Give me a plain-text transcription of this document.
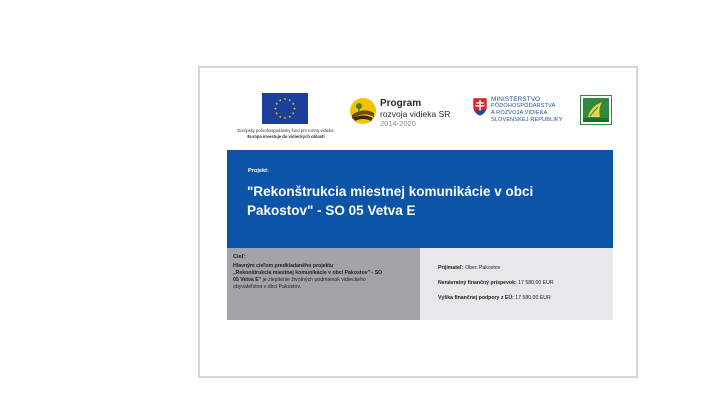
Európsky poľnohospodársky fond pre rozvoj vidieka:
Európa investuje do vidieckych oblastí
Program
rozvoja vidieka SR
2014-2020
MINISTERSTVO
PÔDOHOSPODÁRSTVA
A ROZVOJA VIDIEKA
SLOVENSKEJ REPUBLIKY
Projekt:
"Rekonštrukcia miestnej komunikácie v obci Pakostov" - SO 05 Vetva E
Cieľ:
Hlavným cieľom predkladaného projektu
„Rekonštrukcia miestnej komunikácie v obci Pakostov" - SO 05 Vetva E" je zlepšenie životných podmienok vidieckeho obyvateľstva v obci Pakostov.
Prijímateľ: Obec Pakostov
Nenávratný finančný príspevok: 17 580,00 EUR
Výška finančnej podpory z EÚ: 17 580,00 EUR
